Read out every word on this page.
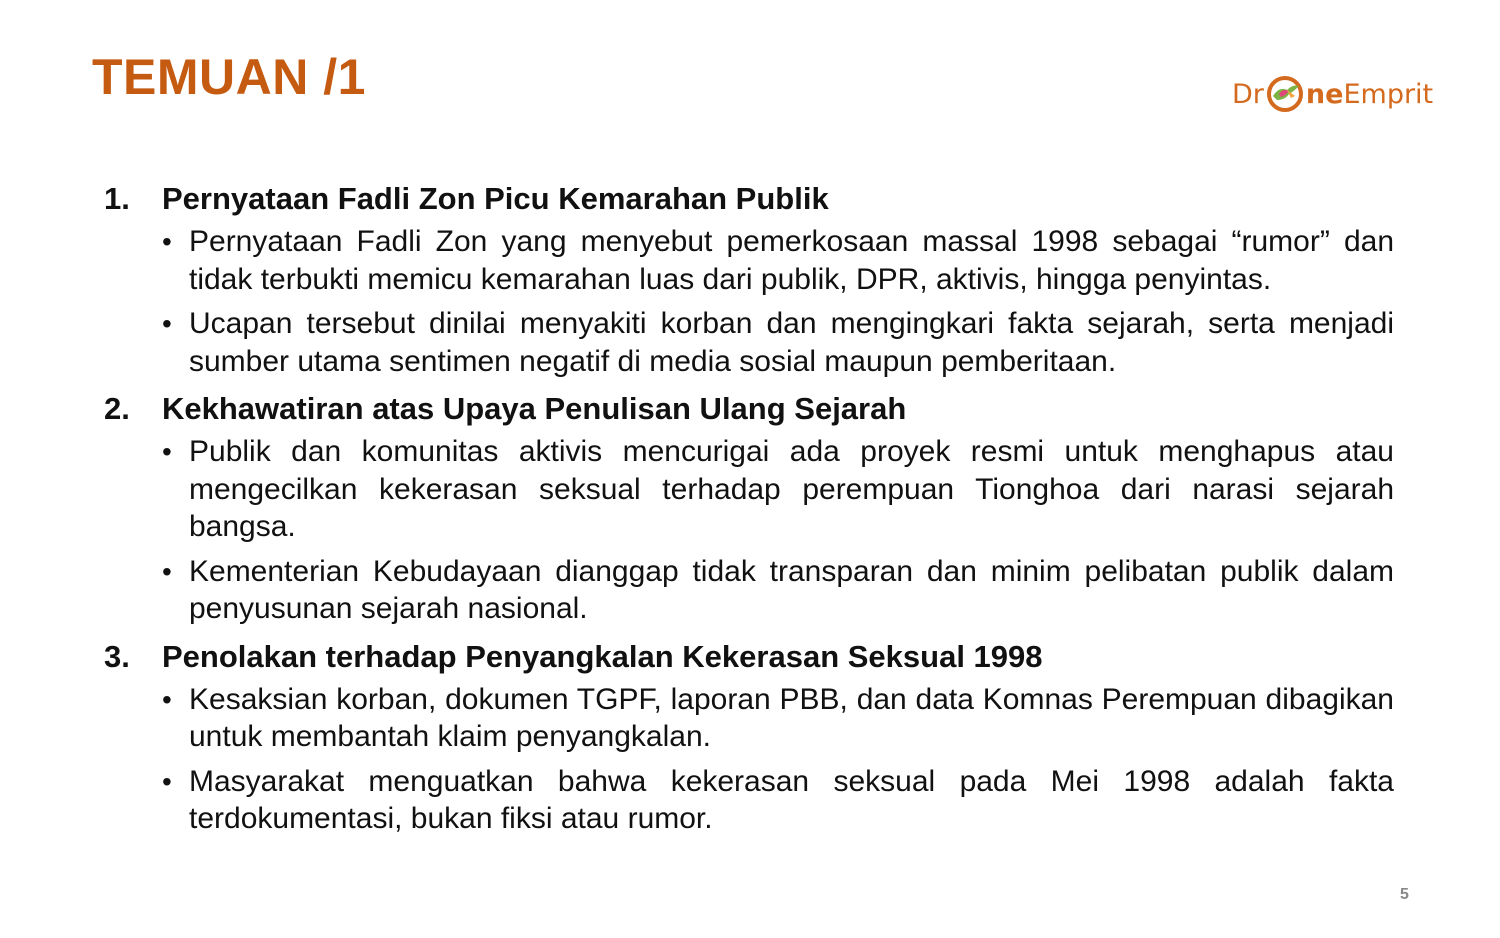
TEMUAN /1	Dr ne Emprit
1.	Pernyataan Fadli Zon Picu Kemarahan Publik
• Pernyataan Fadli Zon yang menyebut pemerkosaan massal 1998 sebagai “rumor” dan tidak terbukti memicu kemarahan luas dari publik, DPR, aktivis, hingga penyintas.
• Ucapan tersebut dinilai menyakiti korban dan mengingkari fakta sejarah, serta menjadi sumber utama sentimen negatif di media sosial maupun pemberitaan.
2.	Kekhawatiran atas Upaya Penulisan Ulang Sejarah
• Publik dan komunitas aktivis mencurigai ada proyek resmi untuk menghapus atau mengecilkan kekerasan seksual terhadap perempuan Tionghoa dari narasi sejarah bangsa.
• Kementerian Kebudayaan dianggap tidak transparan dan minim pelibatan publik dalam penyusunan sejarah nasional.
3.	Penolakan terhadap Penyangkalan Kekerasan Seksual 1998
• Kesaksian korban, dokumen TGPF, laporan PBB, dan data Komnas Perempuan dibagikan untuk membantah klaim penyangkalan.
• Masyarakat menguatkan bahwa kekerasan seksual pada Mei 1998 adalah fakta terdokumentasi, bukan fiksi atau rumor.
5
